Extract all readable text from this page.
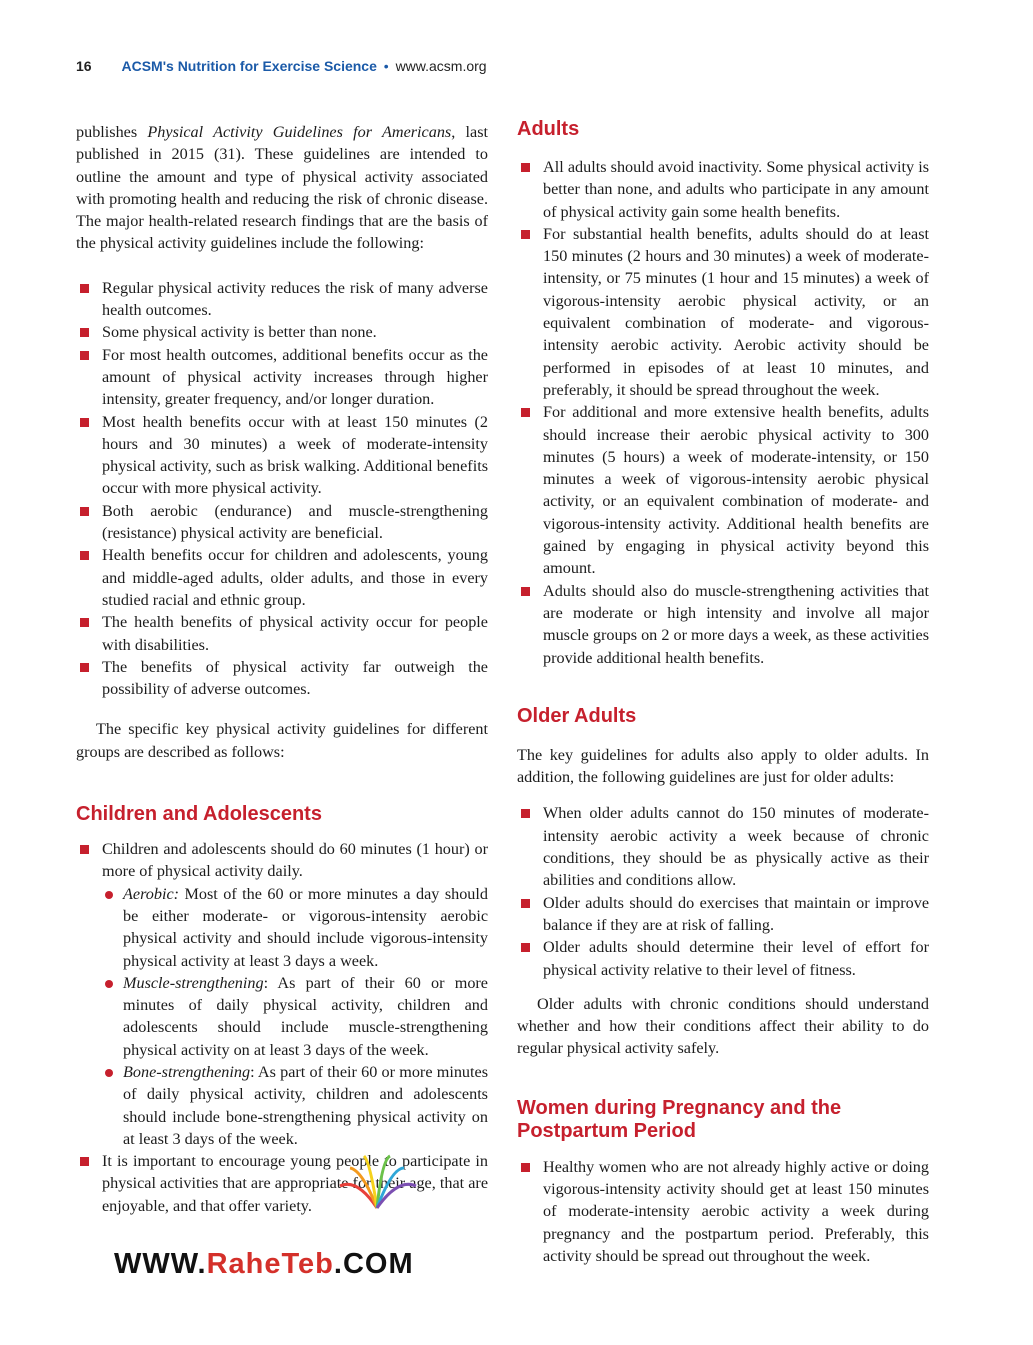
16 ACSM's Nutrition for Exercise Science • www.acsm.org

publishes Physical Activity Guidelines for Americans, last published in 2015 (31). These guidelines are intended to outline the amount and type of physical activity associated with promoting health and reducing the risk of chronic disease. The major health-related research findings that are the basis of the physical activity guidelines include the following:

Regular physical activity reduces the risk of many adverse health outcomes.
Some physical activity is better than none.
For most health outcomes, additional benefits occur as the amount of physical activity increases through higher intensity, greater frequency, and/or longer duration.
Most health benefits occur with at least 150 minutes (2 hours and 30 minutes) a week of moderate-intensity physical activity, such as brisk walking. Additional benefits occur with more physical activity.
Both aerobic (endurance) and muscle-strengthening (resistance) physical activity are beneficial.
Health benefits occur for children and adolescents, young and middle-aged adults, older adults, and those in every studied racial and ethnic group.
The health benefits of physical activity occur for people with disabilities.
The benefits of physical activity far outweigh the possibility of adverse outcomes.

The specific key physical activity guidelines for different groups are described as follows:

Children and Adolescents
Children and adolescents should do 60 minutes (1 hour) or more of physical activity daily.
Aerobic: Most of the 60 or more minutes a day should be either moderate- or vigorous-intensity aerobic physical activity and should include vigorous-intensity physical activity at least 3 days a week.
Muscle-strengthening: As part of their 60 or more minutes of daily physical activity, children and adolescents should include muscle-strengthening physical activity on at least 3 days of the week.
Bone-strengthening: As part of their 60 or more minutes of daily physical activity, children and adolescents should include bone-strengthening physical activity on at least 3 days of the week.
It is important to encourage young people to participate in physical activities that are appropriate for their age, that are enjoyable, and that offer variety.
Adults
All adults should avoid inactivity. Some physical activity is better than none, and adults who participate in any amount of physical activity gain some health benefits.
For substantial health benefits, adults should do at least 150 minutes (2 hours and 30 minutes) a week of moderate-intensity, or 75 minutes (1 hour and 15 minutes) a week of vigorous-intensity aerobic physical activity, or an equivalent combination of moderate- and vigorous-intensity aerobic activity. Aerobic activity should be performed in episodes of at least 10 minutes, and preferably, it should be spread throughout the week.
For additional and more extensive health benefits, adults should increase their aerobic physical activity to 300 minutes (5 hours) a week of moderate-intensity, or 150 minutes a week of vigorous-intensity aerobic physical activity, or an equivalent combination of moderate- and vigorous-intensity activity. Additional health benefits are gained by engaging in physical activity beyond this amount.
Adults should also do muscle-strengthening activities that are moderate or high intensity and involve all major muscle groups on 2 or more days a week, as these activities provide additional health benefits.
Older Adults

The key guidelines for adults also apply to older adults. In addition, the following guidelines are just for older adults:

When older adults cannot do 150 minutes of moderate-intensity aerobic activity a week because of chronic conditions, they should be as physically active as their abilities and conditions allow.
Older adults should do exercises that maintain or improve balance if they are at risk of falling.
Older adults should determine their level of effort for physical activity relative to their level of fitness.

Older adults with chronic conditions should understand whether and how their conditions affect their ability to do regular physical activity safely.

Women during Pregnancy and the
Postpartum Period
Healthy women who are not already highly active or doing vigorous-intensity activity should get at least 150 minutes of moderate-intensity aerobic activity a week during pregnancy and the postpartum period. Preferably, this activity should be spread out throughout the week.
WWW.RaheTeb.COM
